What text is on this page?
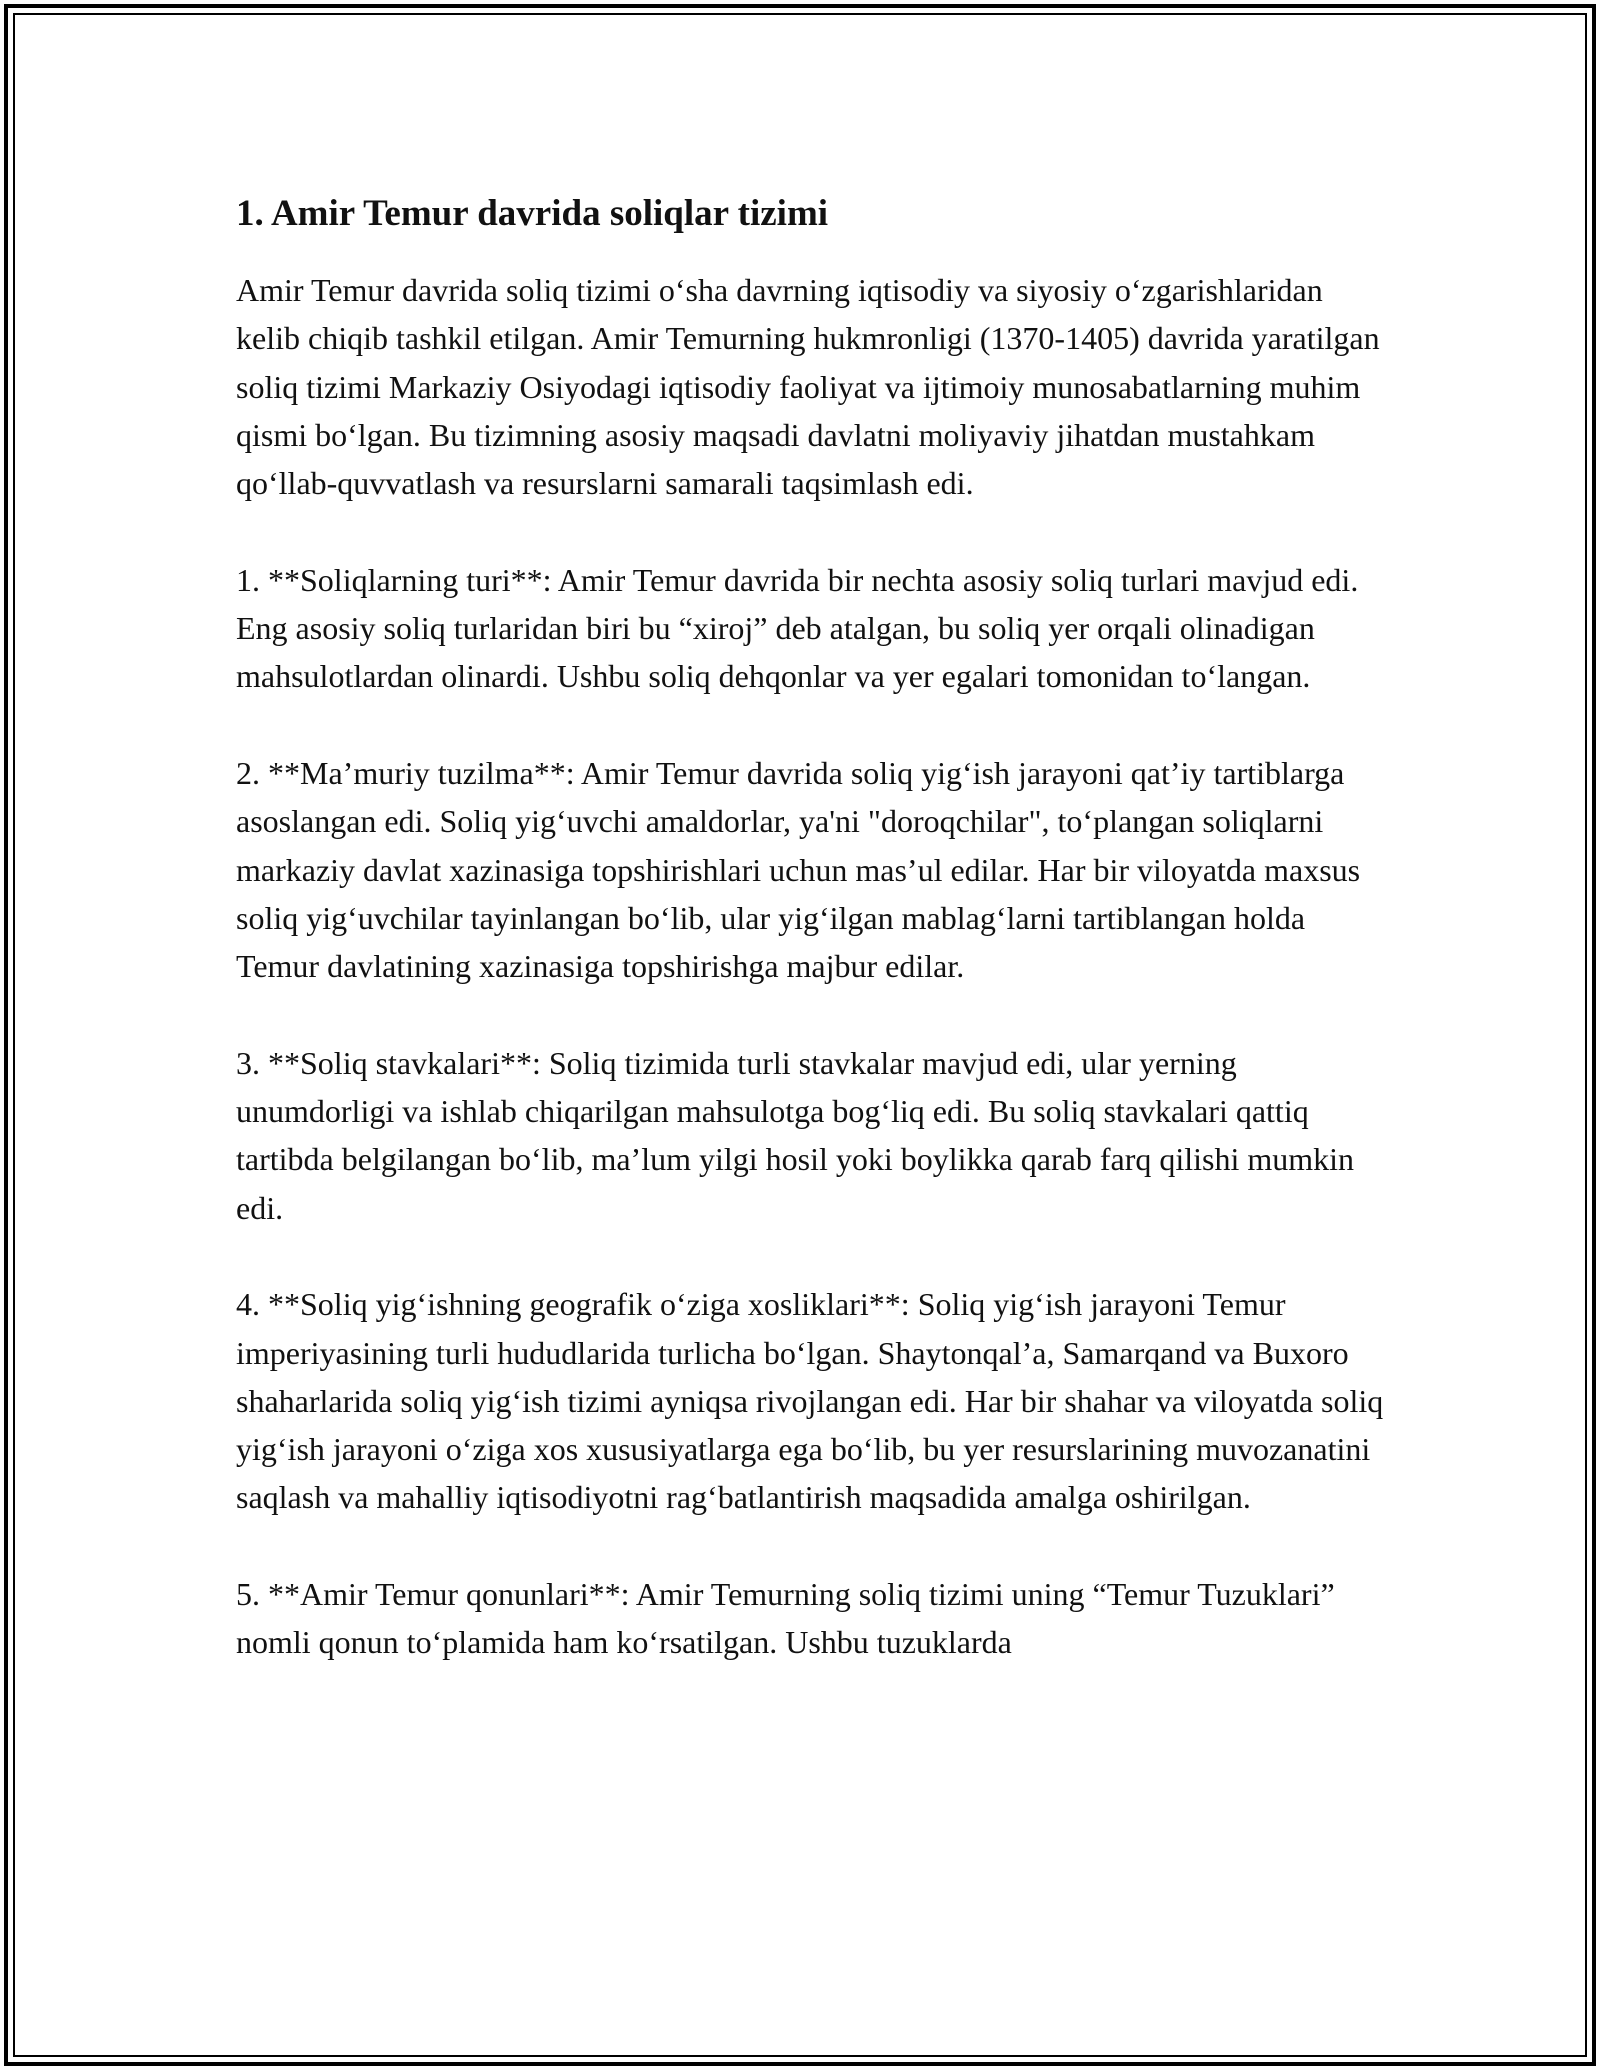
1. Amir Temur davrida soliqlar tizimi

Amir Temur davrida soliq tizimi o‘sha davrning iqtisodiy va siyosiy o‘zgarishlaridan kelib chiqib tashkil etilgan. Amir Temurning hukmronligi (1370-1405) davrida yaratilgan soliq tizimi Markaziy Osiyodagi iqtisodiy faoliyat va ijtimoiy munosabatlarning muhim qismi bo‘lgan. Bu tizimning asosiy maqsadi davlatni moliyaviy jihatdan mustahkam qo‘llab-quvvatlash va resurslarni samarali taqsimlash edi.

1. **Soliqlarning turi**: Amir Temur davrida bir nechta asosiy soliq turlari mavjud edi. Eng asosiy soliq turlaridan biri bu “xiroj” deb atalgan, bu soliq yer orqali olinadigan mahsulotlardan olinardi. Ushbu soliq dehqonlar va yer egalari tomonidan to‘langan.

2. **Ma’muriy tuzilma**: Amir Temur davrida soliq yig‘ish jarayoni qat’iy tartiblarga asoslangan edi. Soliq yig‘uvchi amaldorlar, ya'ni "doroqchilar", to‘plangan soliqlarni markaziy davlat xazinasiga topshirishlari uchun mas’ul edilar. Har bir viloyatda maxsus soliq yig‘uvchilar tayinlangan bo‘lib, ular yig‘ilgan mablag‘larni tartiblangan holda Temur davlatining xazinasiga topshirishga majbur edilar.

3. **Soliq stavkalari**: Soliq tizimida turli stavkalar mavjud edi, ular yerning unumdorligi va ishlab chiqarilgan mahsulotga bog‘liq edi. Bu soliq stavkalari qattiq tartibda belgilangan bo‘lib, ma’lum yilgi hosil yoki boylikka qarab farq qilishi mumkin edi.

4. **Soliq yig‘ishning geografik o‘ziga xosliklari**: Soliq yig‘ish jarayoni Temur imperiyasining turli hududlarida turlicha bo‘lgan. Shaytonqal’a, Samarqand va Buxoro shaharlarida soliq yig‘ish tizimi ayniqsa rivojlangan edi. Har bir shahar va viloyatda soliq yig‘ish jarayoni o‘ziga xos xususiyatlarga ega bo‘lib, bu yer resurslarining muvozanatini saqlash va mahalliy iqtisodiyotni rag‘batlantirish maqsadida amalga oshirilgan.

5. **Amir Temur qonunlari**: Amir Temurning soliq tizimi uning “Temur Tuzuklari” nomli qonun to‘plamida ham ko‘rsatilgan. Ushbu tuzuklarda
